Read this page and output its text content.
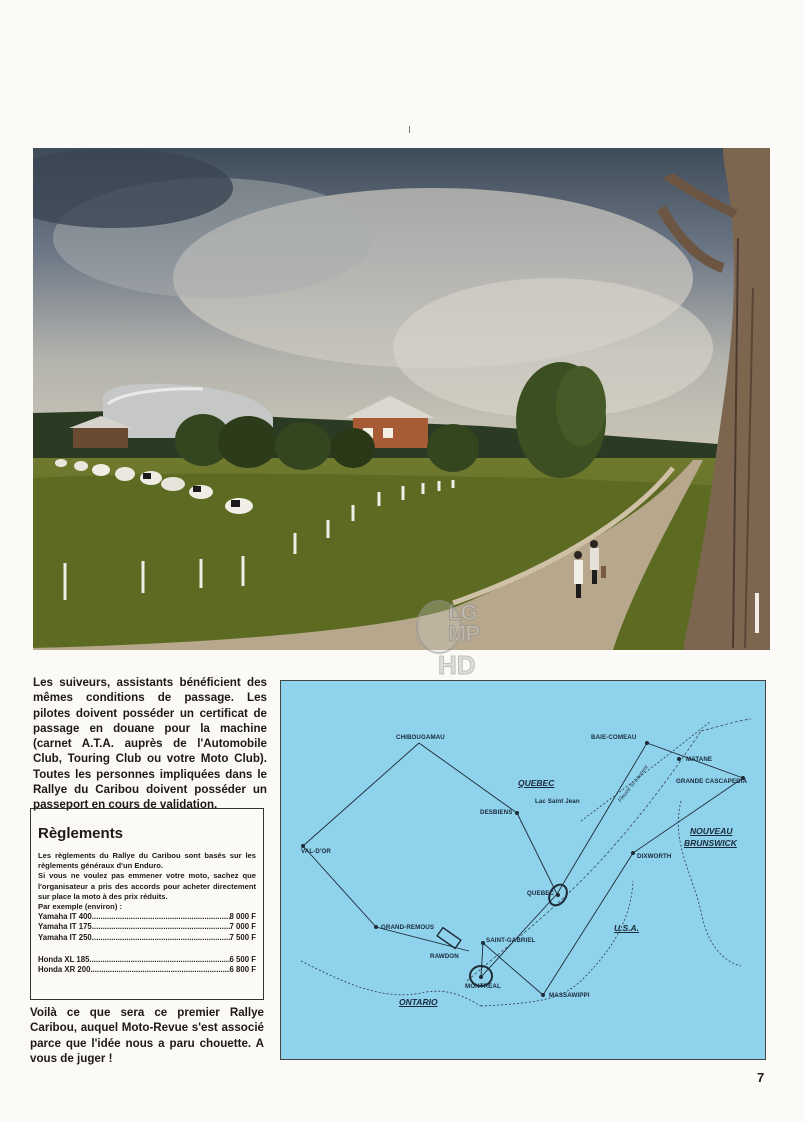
LG
MP
HD

Les suiveurs, assistants bénéficient des mêmes conditions de passage. Les pilotes doivent posséder un certificat de passage en douane pour la machine (carnet A.T.A. auprès de l'Automobile Club, Touring Club ou votre Moto Club). Toutes les personnes impliquées dans le Rallye du Caribou doivent posséder un passeport en cours de validation.

Règlements

Les règlements du Rallye du Caribou sont basés sur les règlements généraux d'un Enduro.

Si vous ne voulez pas emmener votre moto, sachez que l'organisateur a pris des accords pour acheter directement sur place la moto à des prix réduits.

Par exemple (environ) :

Yamaha IT 400 .....	8 000 F
Yamaha IT 175 .....	7 000 F
Yamaha IT 250 .....	7 500 F
Honda XL 185 .....	6 500 F
Honda XR 200 .....	6 800 F
Voilà ce que sera ce premier Rallye Caribou, auquel Moto-Revue s'est associé parce que l'idée nous a paru chouette. A vous de juger !
CHIBOUGAMAU	BAIE-COMEAU
MATANE
GRANDE CASCAPEDIA
Lac Saint Jean
DESBIENS
VAL-D'OR
DIXWORTH
QUEBEC
GRAND-REMOUS
SAINT-GABRIEL
RAWDON
MONTREAL
MASSAWIPPI
QUEBEC
NOUVEAU
BRUNSWICK
U.S.A.
ONTARIO
Fleuve St Laurent
7
